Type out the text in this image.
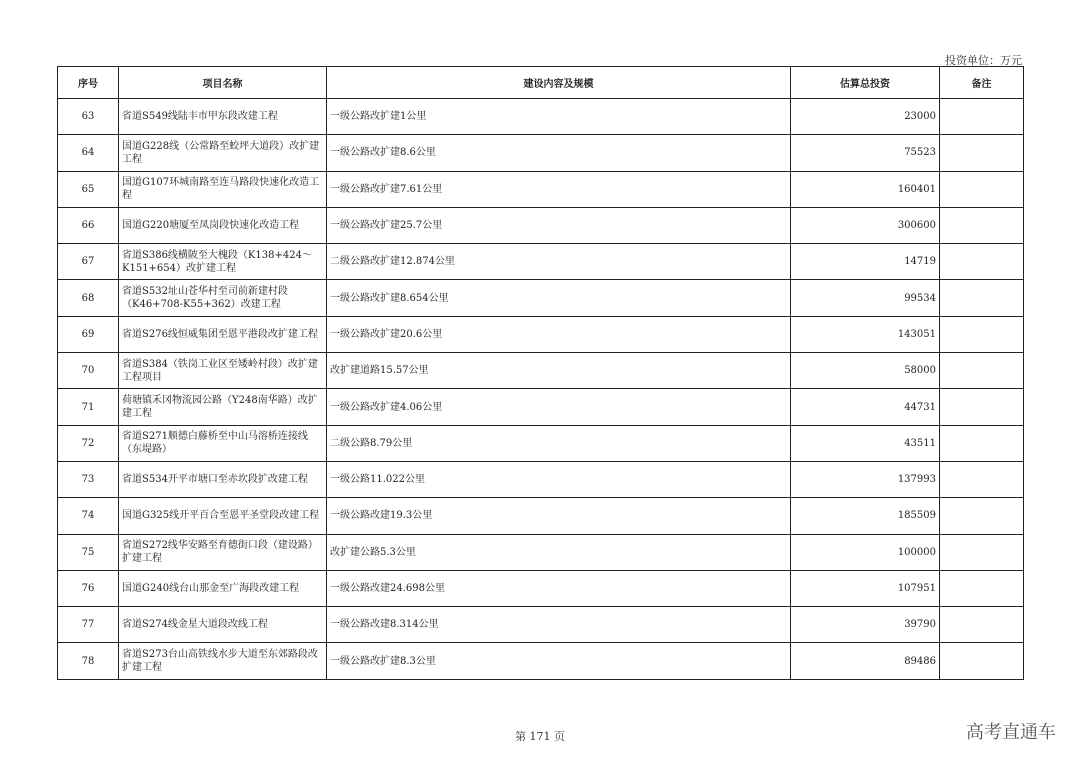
投资单位：万元
序号	项目名称	建设内容及规模	估算总投资	备注
63	省道S549线陆丰市甲东段改建工程	一级公路改扩建1公里	23000	
64	国道G228线（公常路至蛟坪大道段）改扩建工程	一级公路改扩建8.6公里	75523	
65	国道G107环城南路至连马路段快速化改造工程	一级公路改扩建7.61公里	160401	
66	国道G220塘厦至凤岗段快速化改造工程	一级公路改扩建25.7公里	300600	
67	省道S386线横陂至大槐段（K138+424～K151+654）改扩建工程	二级公路改扩建12.874公里	14719	
68	省道S532址山苍华村至司前新建村段（K46+708-K55+362）改建工程	一级公路改扩建8.654公里	99534	
69	省道S276线恒威集团至恩平港段改扩建工程	一级公路改扩建20.6公里	143051	
70	省道S384（铁岗工业区至矮岭村段）改扩建工程项目	改扩建道路15.57公里	58000	
71	荷塘镇禾冈物流园公路（Y248南华路）改扩建工程	一级公路改扩建4.06公里	44731	
72	省道S271顺德白藤桥至中山马溶桥连接线（东堤路）	二级公路8.79公里	43511	
73	省道S534开平市塘口至赤坎段扩改建工程	一级公路11.022公里	137993	
74	国道G325线开平百合至恩平圣堂段改建工程	一级公路改建19.3公里	185509	
75	省道S272线华安路至育德街口段（建设路）扩建工程	改扩建公路5.3公里	100000	
76	国道G240线台山那金至广海段改建工程	一级公路改建24.698公里	107951	
77	省道S274线金星大道段改线工程	一级公路改建8.314公里	39790	
78	省道S273台山高铁线水步大道至东郊路段改扩建工程	一级公路改扩建8.3公里	89486	
第 171 页	高考直通车
